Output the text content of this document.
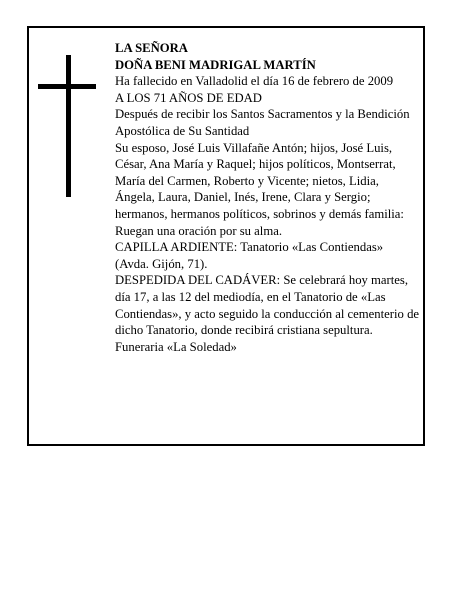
LA SEÑORA

DOÑA BENI MADRIGAL MARTÍN

Ha fallecido en Valladolid el día 16 de febrero de 2009

A LOS 71 AÑOS DE EDAD

Después de recibir los Santos Sacramentos y la Bendición Apostólica de Su Santidad

Su esposo, José Luis Villafañe Antón; hijos, José Luis, César, Ana María y Raquel; hijos políticos, Montserrat, María del Carmen, Roberto y Vicente; nietos, Lidia, Ángela, Laura, Daniel, Inés, Irene, Clara y Sergio; hermanos, hermanos políticos, sobrinos y demás familia:

Ruegan una oración por su alma.

CAPILLA ARDIENTE: Tanatorio «Las Contiendas» (Avda. Gijón, 71).

DESPEDIDA DEL CADÁVER: Se celebrará hoy martes, día 17, a las 12 del mediodía, en el Tanatorio de «Las Contiendas», y acto seguido la conducción al cementerio de dicho Tanatorio, donde recibirá cristiana sepultura.

Funeraria «La Soledad»
